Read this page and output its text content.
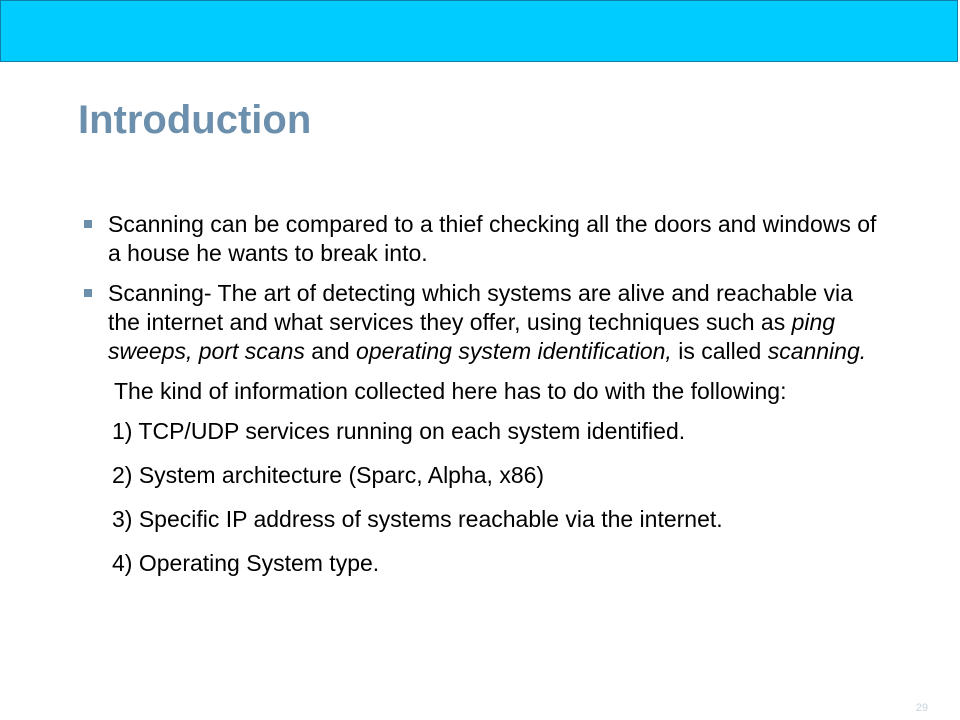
Introduction
Scanning can be compared to a thief checking all the doors and windows of a house he wants to break into.
Scanning- The art of detecting which systems are alive and reachable via the internet and what services they offer, using techniques such as ping sweeps, port scans and operating system identification, is called scanning.
The kind of information collected here has to do with the following:
1) TCP/UDP services running on each system identified.
2) System architecture (Sparc, Alpha, x86)
3) Specific IP address of systems reachable via the internet.
4) Operating System type.
29
